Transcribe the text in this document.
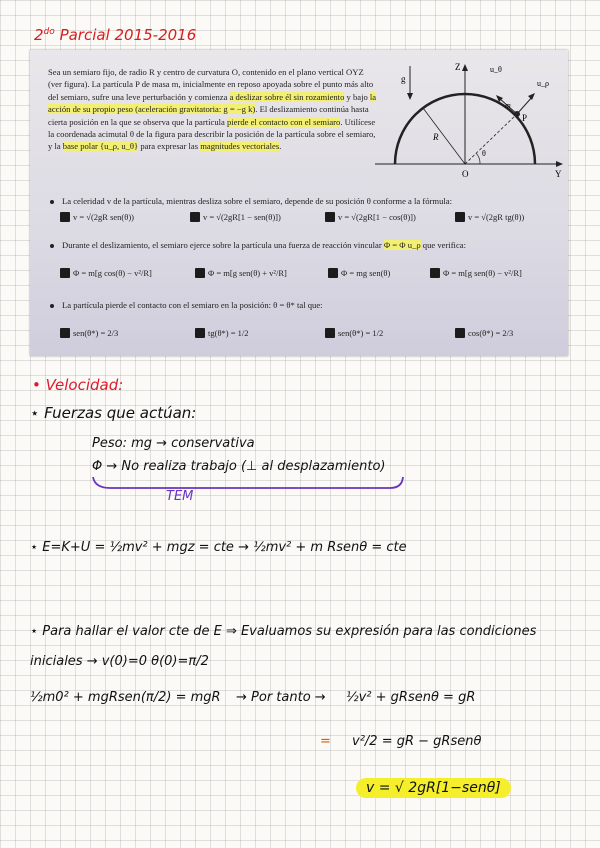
$2^{do}$ Parcial 2015-2016
Sea un semiaro fijo, de radio R y centro de curvatura O, contenido en el plano vertical OYZ (ver figura). La partícula P de masa m, inicialmente en reposo apoyada sobre el punto más alto del semiaro, sufre una leve perturbación y comienza a deslizar sobre él sin rozamiento y bajo la acción de su propio peso (aceleración gravitatoria: g = −g k). El deslizamiento continúa hasta cierta posición en la que se observa que la partícula pierde el contacto con el semiaro. Utilícese la coordenada acimutal θ de la figura para describir la posición de la partícula sobre el semiaro, y la base polar {u_ρ, u_θ} para expresar las magnitudes vectoriales.
g
Z	u_θ
u_ρ
m
P
R
θ
O	Y
La celeridad v de la partícula, mientras desliza sobre el semiaro, depende de su posición θ conforme a la fórmula:
v = √(2gR sen(θ))	v = √(2gR[1 − sen(θ)])	v = √(2gR[1 − cos(θ)])	v = √(2gR tg(θ))
Durante el deslizamiento, el semiaro ejerce sobre la partícula una fuerza de reacción vincular Φ = Φ u_ρ que verifica:
Φ = m[g cos(θ) − v²/R]	Φ = m[g sen(θ) + v²/R]	Φ = mg sen(θ)	Φ = m[g sen(θ) − v²/R]
La partícula pierde el contacto con el semiaro en la posición: θ = θ* tal que:
sen(θ*) = 2/3	tg(θ*) = 1/2	sen(θ*) = 1/2	cos(θ*) = 2/3
• Velocidad:
⋆ Fuerzas que actúan:
Peso: mg → conservativa
Φ → No realiza trabajo (⊥ al desplazamiento)
TEM
⋆ E=K+U = ½mv² + mgz = cte → ½mv² + m Rsenθ = cte
⋆ Para hallar el valor cte de E ⇒ Evaluamos su expresión para las condiciones
iniciales → v(0)=0 θ(0)=π/2
½m0² + mgRsen(π/2) = mgR → Por tanto → ½v² + gRsenθ = gR
= v²/2 = gR − gRsenθ
v = √ 2gR[1−senθ]
